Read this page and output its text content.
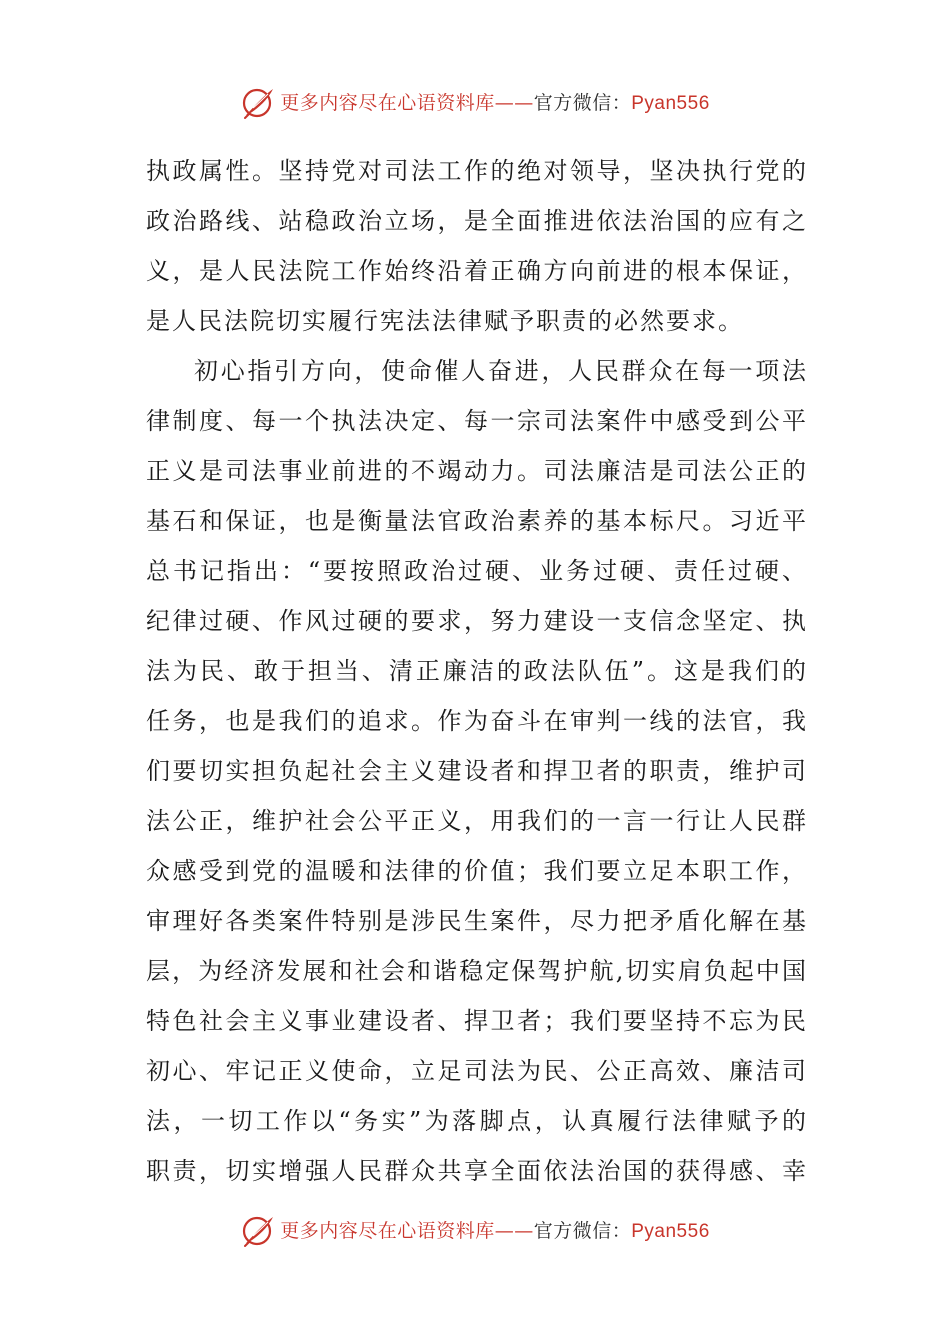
更多内容尽在心语资料库——官方微信：Pyan556
执政属性。坚持党对司法工作的绝对领导，坚决执行党的
政治路线、站稳政治立场，是全面推进依法治国的应有之
义，是人民法院工作始终沿着正确方向前进的根本保证，
是人民法院切实履行宪法法律赋予职责的必然要求。
初心指引方向，使命催人奋进，人民群众在每一项法
律制度、每一个执法决定、每一宗司法案件中感受到公平
正义是司法事业前进的不竭动力。司法廉洁是司法公正的
基石和保证，也是衡量法官政治素养的基本标尺。习近平
总书记指出：“要按照政治过硬、业务过硬、责任过硬、
纪律过硬、作风过硬的要求，努力建设一支信念坚定、执
法为民、敢于担当、清正廉洁的政法队伍”。这是我们的
任务，也是我们的追求。作为奋斗在审判一线的法官，我
们要切实担负起社会主义建设者和捍卫者的职责，维护司
法公正，维护社会公平正义，用我们的一言一行让人民群
众感受到党的温暖和法律的价值；我们要立足本职工作，
审理好各类案件特别是涉民生案件，尽力把矛盾化解在基
层，为经济发展和社会和谐稳定保驾护航,切实肩负起中国
特色社会主义事业建设者、捍卫者；我们要坚持不忘为民
初心、牢记正义使命，立足司法为民、公正高效、廉洁司
法，一切工作以“务实”为落脚点，认真履行法律赋予的
职责，切实增强人民群众共享全面依法治国的获得感、幸
更多内容尽在心语资料库——官方微信：Pyan556
